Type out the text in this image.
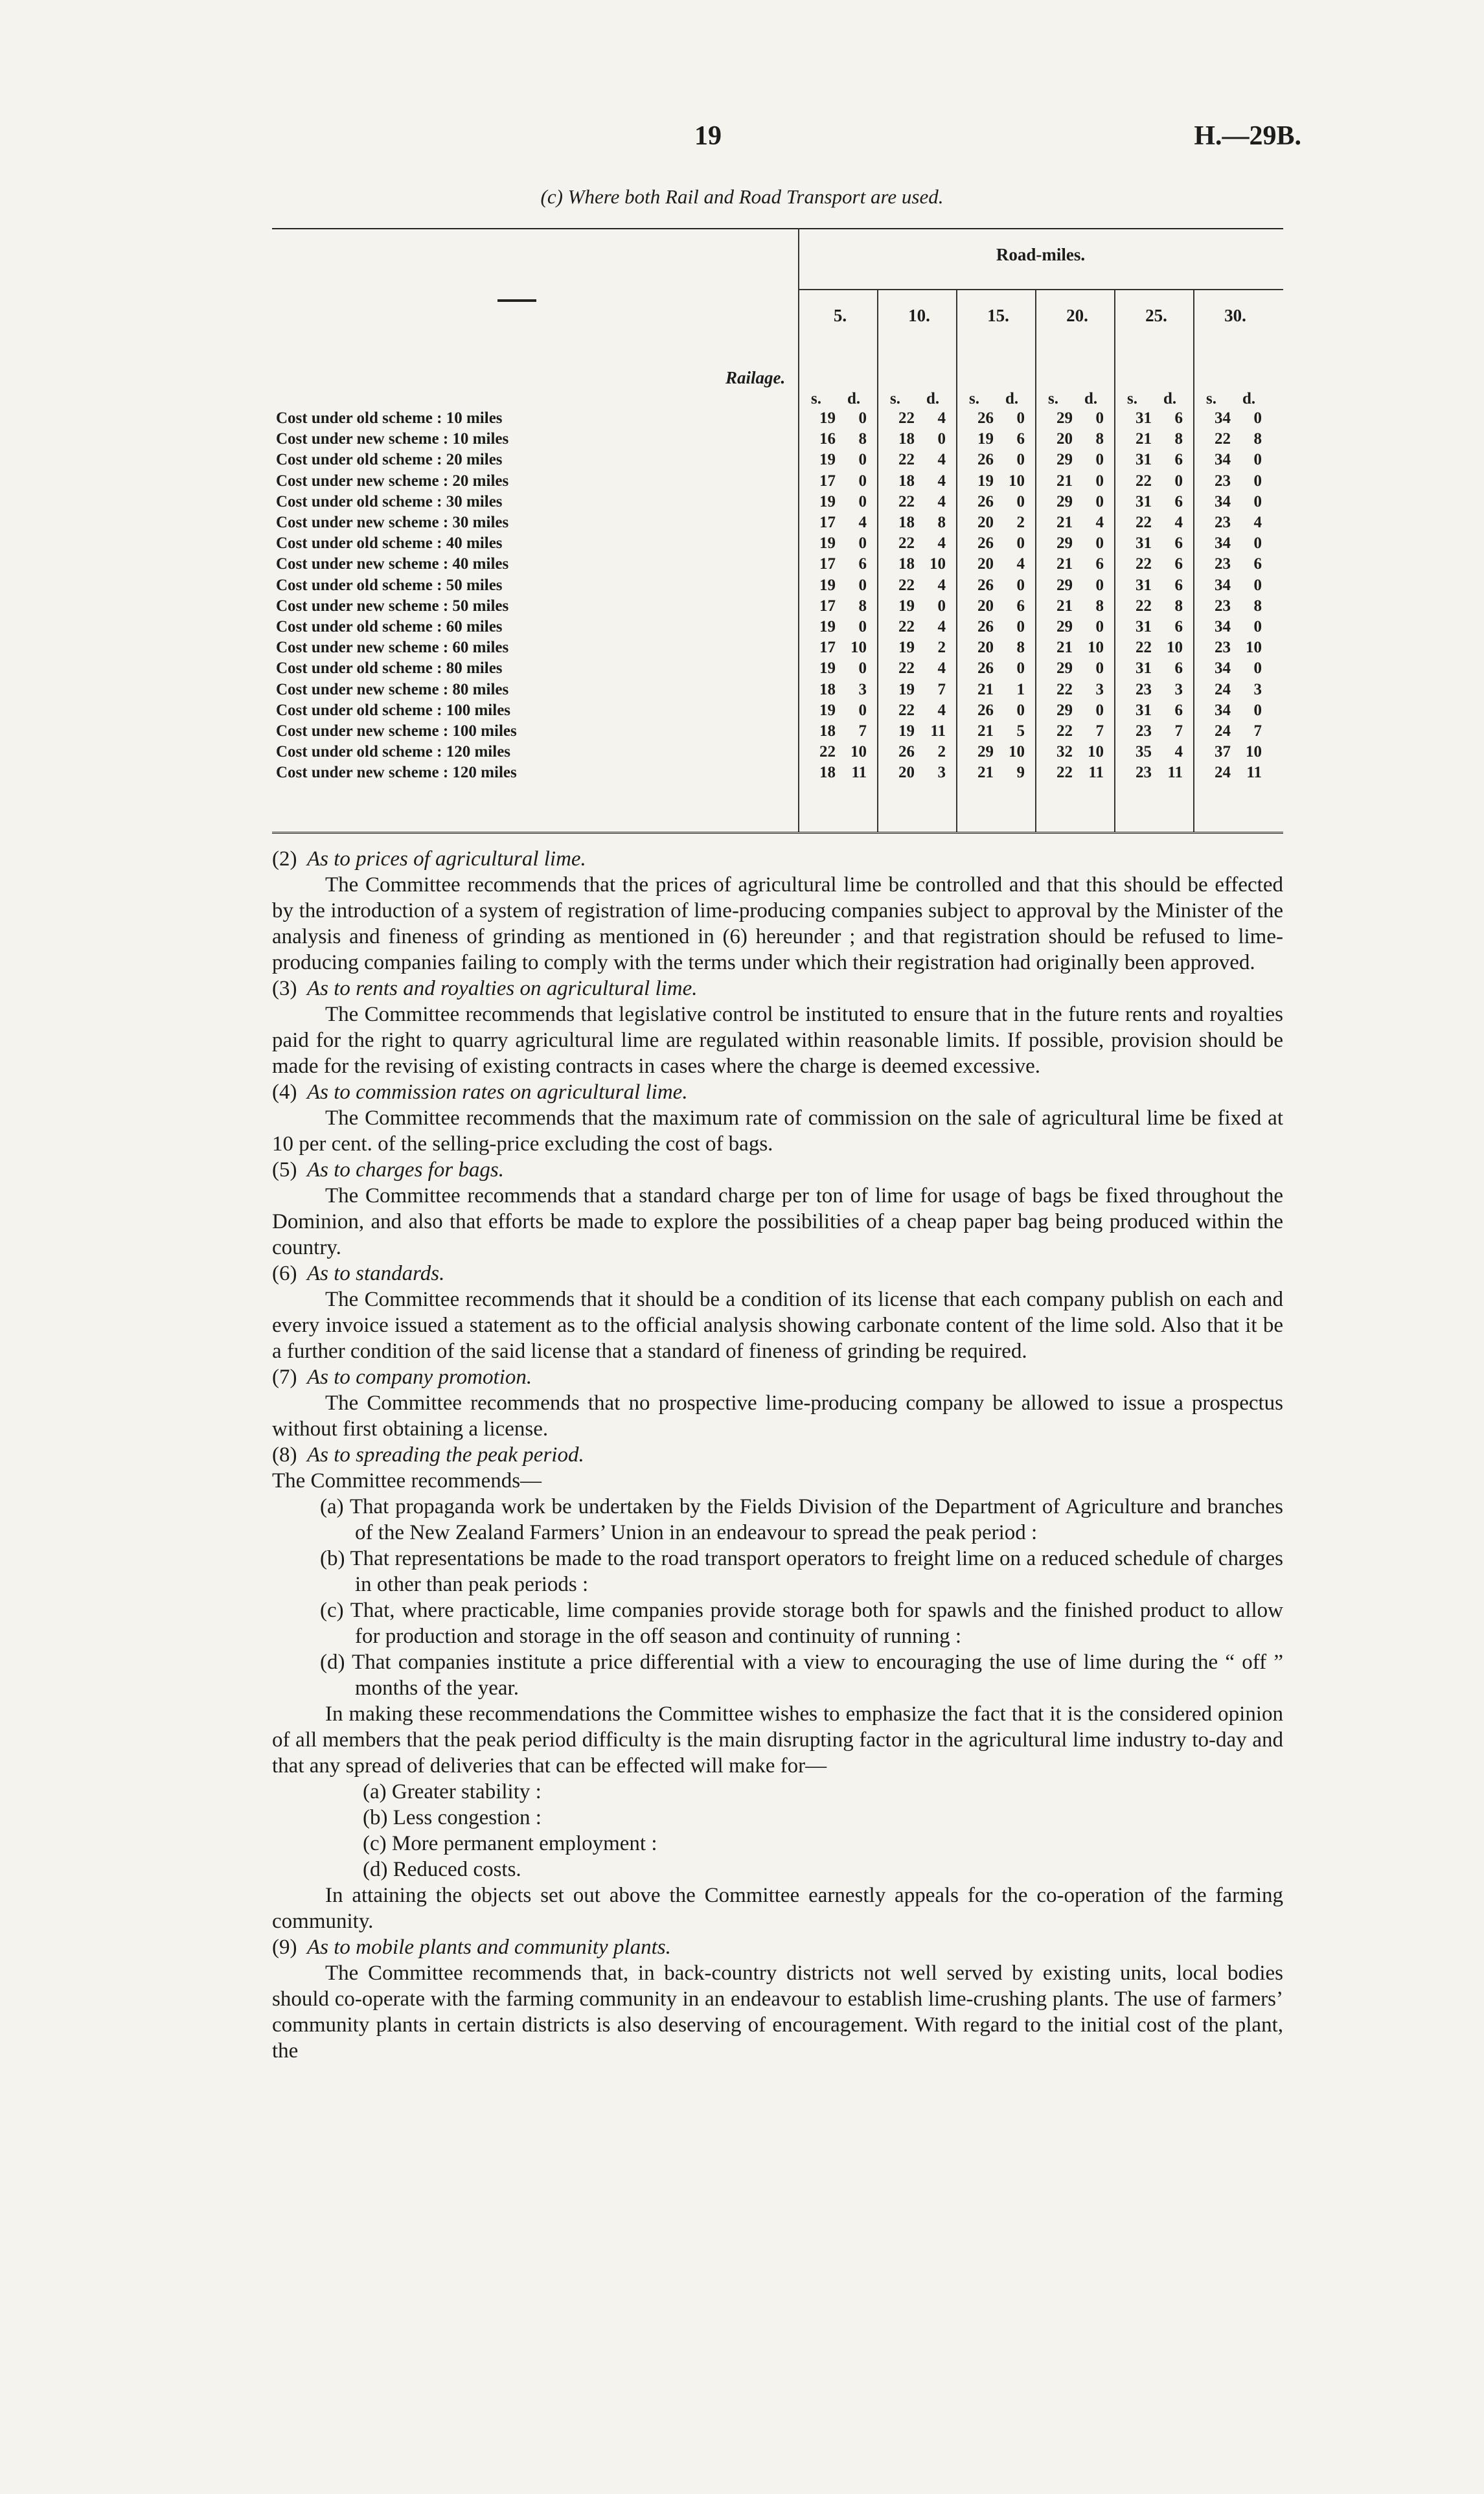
19	H.—29B.
(c) Where both Rail and Road Transport are used.
Road-miles.
Railage.
5.
s. d.
10.
s. d.
15.
s. d.
20.
s. d.
25.
s. d.
30.
s. d.
Cost under old scheme : 10 miles	19	0	22	4	26	0	29	0	31	6	34	0
Cost under new scheme : 10 miles	16	8	18	0	19	6	20	8	21	8	22	8
Cost under old scheme : 20 miles	19	0	22	4	26	0	29	0	31	6	34	0
Cost under new scheme : 20 miles	17	0	18	4	19 10	21	0	22	0	23	0
Cost under old scheme : 30 miles	19	0	22	4	26	0	29	0	31	6	34	0
Cost under new scheme : 30 miles	17	4	18	8	20	2	21	4	22	4	23	4
Cost under old scheme : 40 miles	19	0	22	4	26	0	29	0	31	6	34	0
Cost under new scheme : 40 miles	17	6	18 10	20	4	21	6	22	6	23	6
Cost under old scheme : 50 miles	19	0	22	4	26	0	29	0	31	6	34	0
Cost under new scheme : 50 miles	17	8	19	0	20	6	21	8	22	8	23	8
Cost under old scheme : 60 miles	19	0	22	4	26	0	29	0	31	6	34	0
Cost under new scheme : 60 miles	17 10	19	2	20	8	21 10	22 10	23 10
Cost under old scheme : 80 miles	19	0	22	4	26	0	29	0	31	6	34	0
Cost under new scheme : 80 miles	18	3	19	7	21	1	22	3	23	3	24	3
Cost under old scheme : 100 miles	19	0	22	4	26	0	29	0	31	6	34	0
Cost under new scheme : 100 miles	18	7	19 11	21	5	22	7	23	7	24	7
Cost under old scheme : 120 miles	22 10	26	2	29 10	32 10	35	4	37 10
Cost under new scheme : 120 miles	18 11	20	3	21	9	22 11	23 11	24 11

(2) As to prices of agricultural lime.

The Committee recommends that the prices of agricultural lime be controlled and that this should be effected by the introduction of a system of registration of lime-producing companies subject to approval by the Minister of the analysis and fineness of grinding as mentioned in (6) hereunder ; and that registration should be refused to lime-producing companies failing to comply with the terms under which their registration had originally been approved.

(3) As to rents and royalties on agricultural lime.

The Committee recommends that legislative control be instituted to ensure that in the future rents and royalties paid for the right to quarry agricultural lime are regulated within reasonable limits. If possible, provision should be made for the revising of existing contracts in cases where the charge is deemed excessive.

(4) As to commission rates on agricultural lime.

The Committee recommends that the maximum rate of commission on the sale of agricultural lime be fixed at 10 per cent. of the selling-price excluding the cost of bags.

(5) As to charges for bags.

The Committee recommends that a standard charge per ton of lime for usage of bags be fixed throughout the Dominion, and also that efforts be made to explore the possibilities of a cheap paper bag being produced within the country.

(6) As to standards.

The Committee recommends that it should be a condition of its license that each company publish on each and every invoice issued a statement as to the official analysis showing carbonate content of the lime sold. Also that it be a further condition of the said license that a standard of fineness of grinding be required.

(7) As to company promotion.

The Committee recommends that no prospective lime-producing company be allowed to issue a prospectus without first obtaining a license.

(8) As to spreading the peak period.

The Committee recommends—

(a) That propaganda work be undertaken by the Fields Division of the Department of Agriculture and branches of the New Zealand Farmers’ Union in an endeavour to spread the peak period :

(b) That representations be made to the road transport operators to freight lime on a reduced schedule of charges in other than peak periods :

(c) That, where practicable, lime companies provide storage both for spawls and the finished product to allow for production and storage in the off season and continuity of running :

(d) That companies institute a price differential with a view to encouraging the use of lime during the “ off ” months of the year.

In making these recommendations the Committee wishes to emphasize the fact that it is the considered opinion of all members that the peak period difficulty is the main disrupting factor in the agricultural lime industry to-day and that any spread of deliveries that can be effected will make for—

(a) Greater stability :

(b) Less congestion :

(c) More permanent employment :

(d) Reduced costs.

In attaining the objects set out above the Committee earnestly appeals for the co-operation of the farming community.

(9) As to mobile plants and community plants.

The Committee recommends that, in back-country districts not well served by existing units, local bodies should co-operate with the farming community in an endeavour to establish lime-crushing plants. The use of farmers’ community plants in certain districts is also deserving of encouragement. With regard to the initial cost of the plant, the
